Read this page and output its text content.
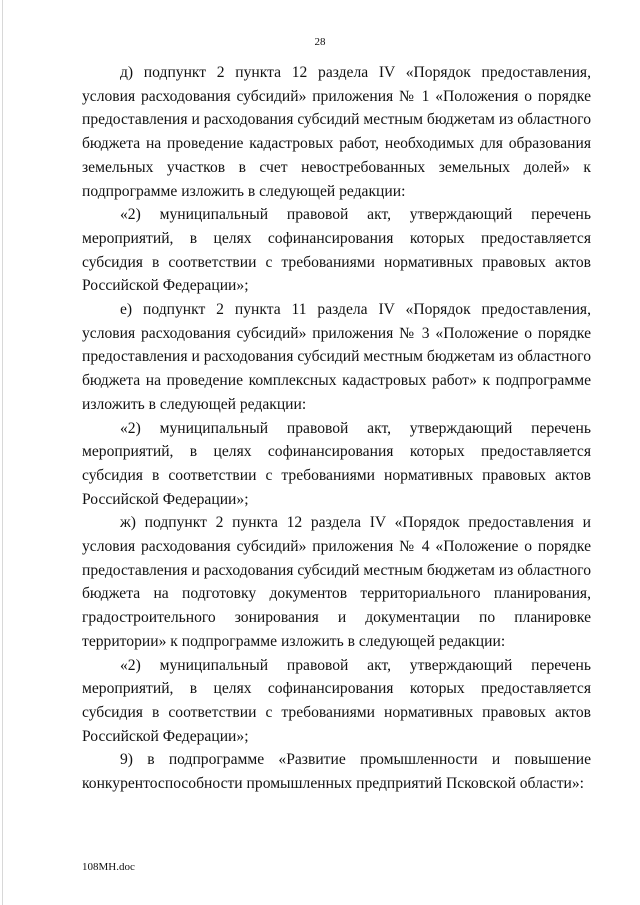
28

д) подпункт 2 пункта 12 раздела IV «Порядок предоставления, условия расходования субсидий» приложения № 1 «Положения о порядке предоставления и расходования субсидий местным бюджетам из областного бюджета на проведение кадастровых работ, необходимых для образования земельных участков в счет невостребованных земельных долей» к подпрограмме изложить в следующей редакции:

«2) муниципальный правовой акт, утверждающий перечень мероприятий, в целях софинансирования которых предоставляется субсидия в соответствии с требованиями нормативных правовых актов Российской Федерации»;

е) подпункт 2 пункта 11 раздела IV «Порядок предоставления, условия расходования субсидий» приложения № 3 «Положение о порядке предоставления и расходования субсидий местным бюджетам из областного бюджета на проведение комплексных кадастровых работ» к подпрограмме изложить в следующей редакции:

«2) муниципальный правовой акт, утверждающий перечень мероприятий, в целях софинансирования которых предоставляется субсидия в соответствии с требованиями нормативных правовых актов Российской Федерации»;

ж) подпункт 2 пункта 12 раздела IV «Порядок предоставления и условия расходования субсидий» приложения № 4 «Положение о порядке предоставления и расходования субсидий местным бюджетам из областного бюджета на подготовку документов территориального планирования, градостроительного зонирования и документации по планировке территории» к подпрограмме изложить в следующей редакции:

«2) муниципальный правовой акт, утверждающий перечень мероприятий, в целях софинансирования которых предоставляется субсидия в соответствии с требованиями нормативных правовых актов Российской Федерации»;

9) в подпрограмме «Развитие промышленности и повышение конкурентоспособности промышленных предприятий Псковской области»:

108МН.doc
